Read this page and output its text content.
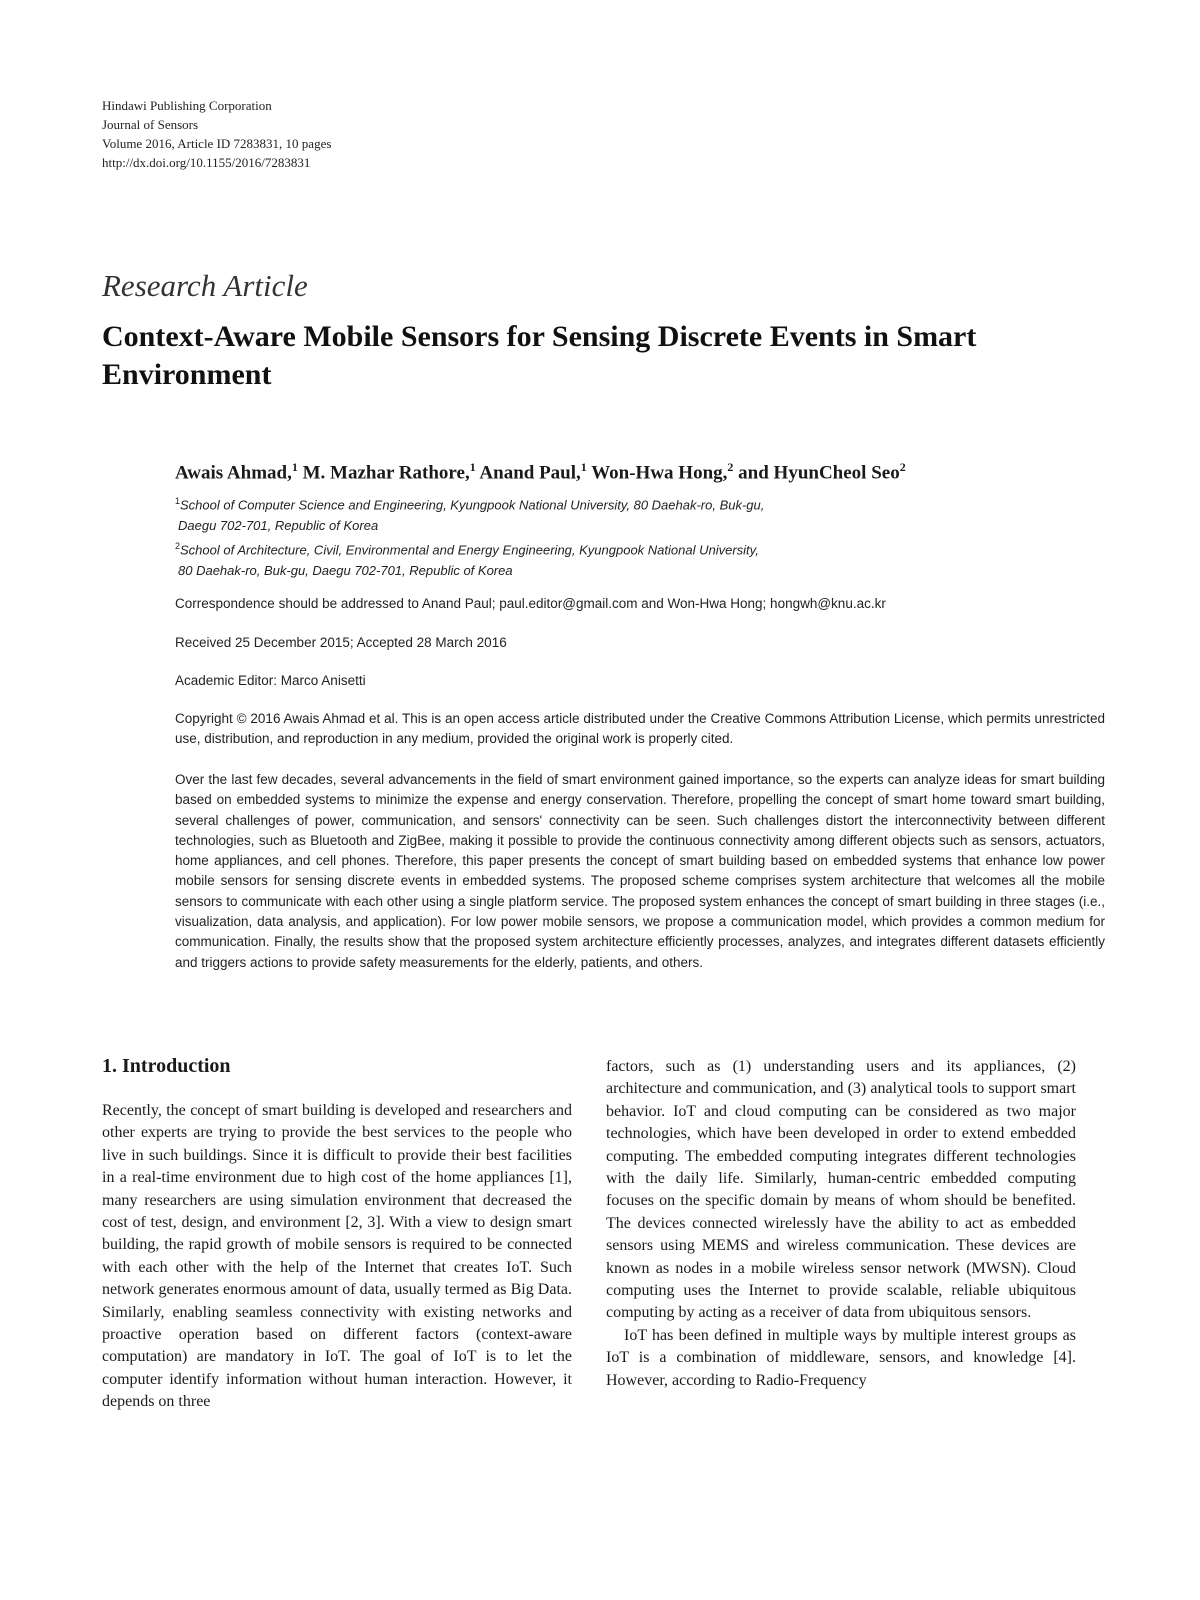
Hindawi Publishing Corporation
Journal of Sensors
Volume 2016, Article ID 7283831, 10 pages
http://dx.doi.org/10.1155/2016/7283831
Research Article
Context-Aware Mobile Sensors for Sensing Discrete Events in Smart Environment
Awais Ahmad,$^1$ M. Mazhar Rathore,$^1$ Anand Paul,$^1$ Won-Hwa Hong,$^2$ and HyunCheol Seo$^2$
$^1$School of Computer Science and Engineering, Kyungpook National University, 80 Daehak-ro, Buk-gu,
Daegu 702-701, Republic of Korea
$^2$School of Architecture, Civil, Environmental and Energy Engineering, Kyungpook National University,
80 Daehak-ro, Buk-gu, Daegu 702-701, Republic of Korea
Correspondence should be addressed to Anand Paul; paul.editor@gmail.com and Won-Hwa Hong; hongwh@knu.ac.kr
Received 25 December 2015; Accepted 28 March 2016
Academic Editor: Marco Anisetti
Copyright © 2016 Awais Ahmad et al. This is an open access article distributed under the Creative Commons Attribution License, which permits unrestricted use, distribution, and reproduction in any medium, provided the original work is properly cited.
Over the last few decades, several advancements in the field of smart environment gained importance, so the experts can analyze ideas for smart building based on embedded systems to minimize the expense and energy conservation. Therefore, propelling the concept of smart home toward smart building, several challenges of power, communication, and sensors' connectivity can be seen. Such challenges distort the interconnectivity between different technologies, such as Bluetooth and ZigBee, making it possible to provide the continuous connectivity among different objects such as sensors, actuators, home appliances, and cell phones. Therefore, this paper presents the concept of smart building based on embedded systems that enhance low power mobile sensors for sensing discrete events in embedded systems. The proposed scheme comprises system architecture that welcomes all the mobile sensors to communicate with each other using a single platform service. The proposed system enhances the concept of smart building in three stages (i.e., visualization, data analysis, and application). For low power mobile sensors, we propose a communication model, which provides a common medium for communication. Finally, the results show that the proposed system architecture efficiently processes, analyzes, and integrates different datasets efficiently and triggers actions to provide safety measurements for the elderly, patients, and others.
1. Introduction

Recently, the concept of smart building is developed and researchers and other experts are trying to provide the best services to the people who live in such buildings. Since it is difficult to provide their best facilities in a real-time environment due to high cost of the home appliances [1], many researchers are using simulation environment that decreased the cost of test, design, and environment [2, 3]. With a view to design smart building, the rapid growth of mobile sensors is required to be connected with each other with the help of the Internet that creates IoT. Such network generates enormous amount of data, usually termed as Big Data. Similarly, enabling seamless connectivity with existing networks and proactive operation based on different factors (context-aware computation) are mandatory in IoT. The goal of IoT is to let the computer identify information without human interaction. However, it depends on three

factors, such as (1) understanding users and its appliances, (2) architecture and communication, and (3) analytical tools to support smart behavior. IoT and cloud computing can be considered as two major technologies, which have been developed in order to extend embedded computing. The embedded computing integrates different technologies with the daily life. Similarly, human-centric embedded computing focuses on the specific domain by means of whom should be benefited. The devices connected wirelessly have the ability to act as embedded sensors using MEMS and wireless communication. These devices are known as nodes in a mobile wireless sensor network (MWSN). Cloud computing uses the Internet to provide scalable, reliable ubiquitous computing by acting as a receiver of data from ubiquitous sensors.

IoT has been defined in multiple ways by multiple interest groups as IoT is a combination of middleware, sensors, and knowledge [4]. However, according to Radio-Frequency
